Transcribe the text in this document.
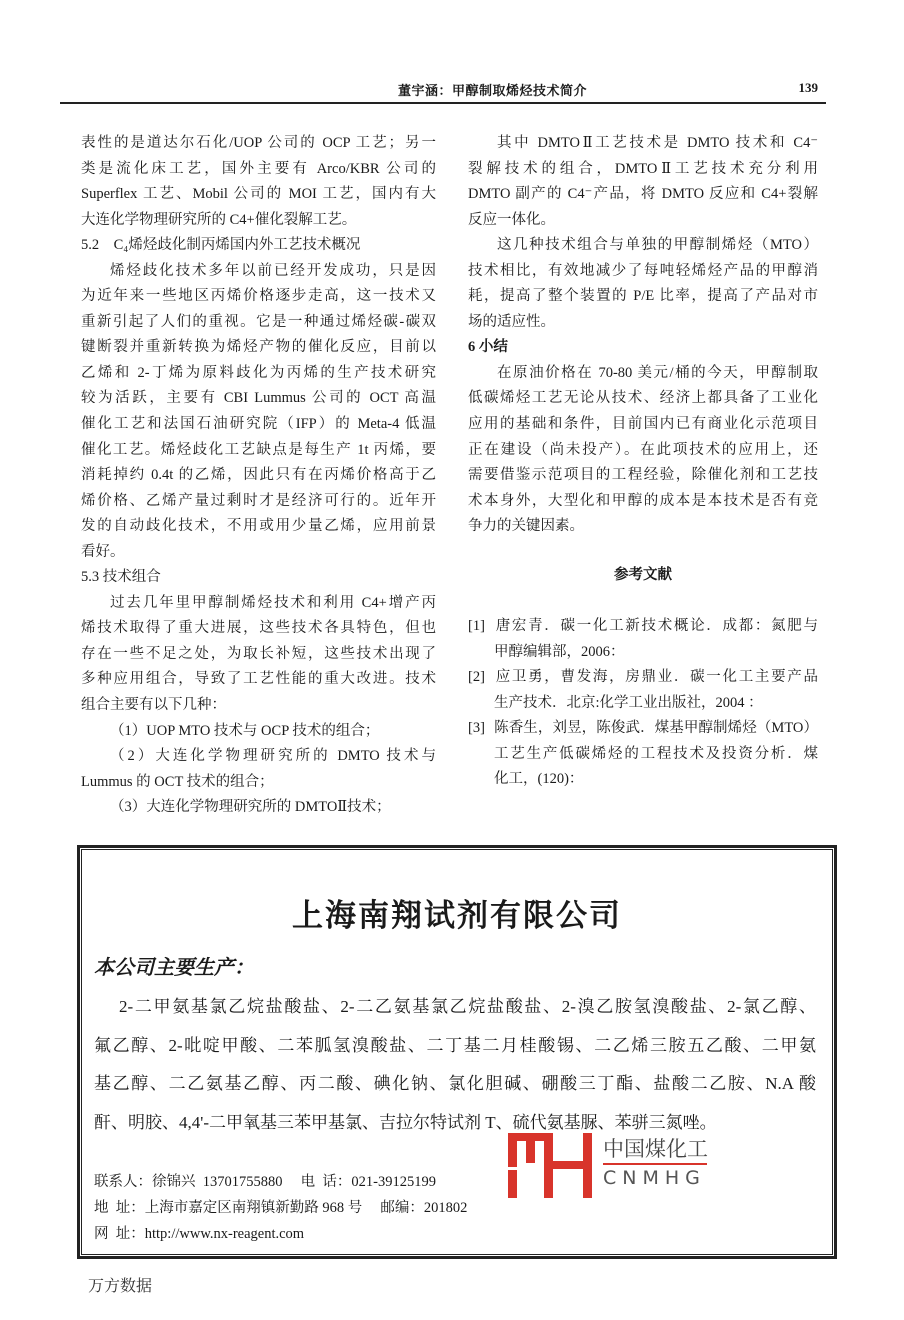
董宇涵：甲醇制取烯烃技术简介	139
表性的是道达尔石化/UOP 公司的 OCP 工艺；另一
类是流化床工艺，国外主要有 Arco/KBR 公司的
Superflex 工艺、Mobil 公司的 MOI 工艺，国内有大
大连化学物理研究所的 C4+催化裂解工艺。
5.2　C₄烯烃歧化制丙烯国内外工艺技术概况
烯烃歧化技术多年以前已经开发成功，只是因
为近年来一些地区丙烯价格逐步走高，这一技术又
重新引起了人们的重视。它是一种通过烯烃碳-碳双
键断裂并重新转换为烯烃产物的催化反应，目前以
乙烯和 2-丁烯为原料歧化为丙烯的生产技术研究
较为活跃，主要有 CBI Lummus 公司的 OCT 高温
催化工艺和法国石油研究院（IFP）的 Meta-4 低温
催化工艺。烯烃歧化工艺缺点是每生产 1t 丙烯，要
消耗掉约 0.4t 的乙烯，因此只有在丙烯价格高于乙
烯价格、乙烯产量过剩时才是经济可行的。近年开
发的自动歧化技术，不用或用少量乙烯，应用前景
看好。
5.3 技术组合
过去几年里甲醇制烯烃技术和利用 C4+增产丙
烯技术取得了重大进展，这些技术各具特色，但也
存在一些不足之处，为取长补短，这些技术出现了
多种应用组合，导致了工艺性能的重大改进。技术
组合主要有以下几种：
（1）UOP MTO 技术与 OCP 技术的组合；
（2）大连化学物理研究所的 DMTO 技术与
Lummus 的 OCT 技术的组合；
（3）大连化学物理研究所的 DMTOⅡ技术；
其中 DMTOⅡ工艺技术是 DMTO 技术和 C4⁻
裂解技术的组合，DMTOⅡ工艺技术充分利用
DMTO 副产的 C4⁻产品，将 DMTO 反应和 C4+裂解
反应一体化。
这几种技术组合与单独的甲醇制烯烃（MTO）
技术相比，有效地减少了每吨轻烯烃产品的甲醇消
耗，提高了整个装置的 P/E 比率，提高了产品对市
场的适应性。
6 小结
在原油价格在 70-80 美元/桶的今天，甲醇制取
低碳烯烃工艺无论从技术、经济上都具备了工业化
应用的基础和条件，目前国内已有商业化示范项目
正在建设（尚未投产）。在此项技术的应用上，还
需要借鉴示范项目的工程经验，除催化剂和工艺技
术本身外，大型化和甲醇的成本是本技术是否有竞
争力的关键因素。
参考文献
[1] 唐宏青．碳一化工新技术概论．成都：氮肥与
甲醇编辑部，2006：
[2] 应卫勇，曹发海，房鼎业．碳一化工主要产品
生产技术．北京:化学工业出版社，2004 ：
[3] 陈香生，刘昱，陈俊武．煤基甲醇制烯烃（MTO）
工艺生产低碳烯烃的工程技术及投资分析．煤
化工，(120)：
上海南翔试剂有限公司
本公司主要生产：
2-二甲氨基氯乙烷盐酸盐、2-二乙氨基氯乙烷盐酸盐、2-溴乙胺氢溴酸盐、2-氯乙醇、
氟乙醇、2-吡啶甲酸、二苯胍氢溴酸盐、二丁基二月桂酸锡、二乙烯三胺五乙酸、二甲氨
基乙醇、二乙氨基乙醇、丙二酸、碘化钠、氯化胆碱、硼酸三丁酯、盐酸二乙胺、N.A 酸
酐、明胶、4,4'-二甲氧基三苯甲基氯、吉拉尔特试剂 T、硫代氨基脲、苯骈三氮唑。
联系人：徐锦兴  13701755880     电  话：021-39125199
地  址：上海市嘉定区南翔镇新勤路 968 号     邮编：201802
网  址：http://www.nx-reagent.com
中国煤化工
CNMHG
万方数据
